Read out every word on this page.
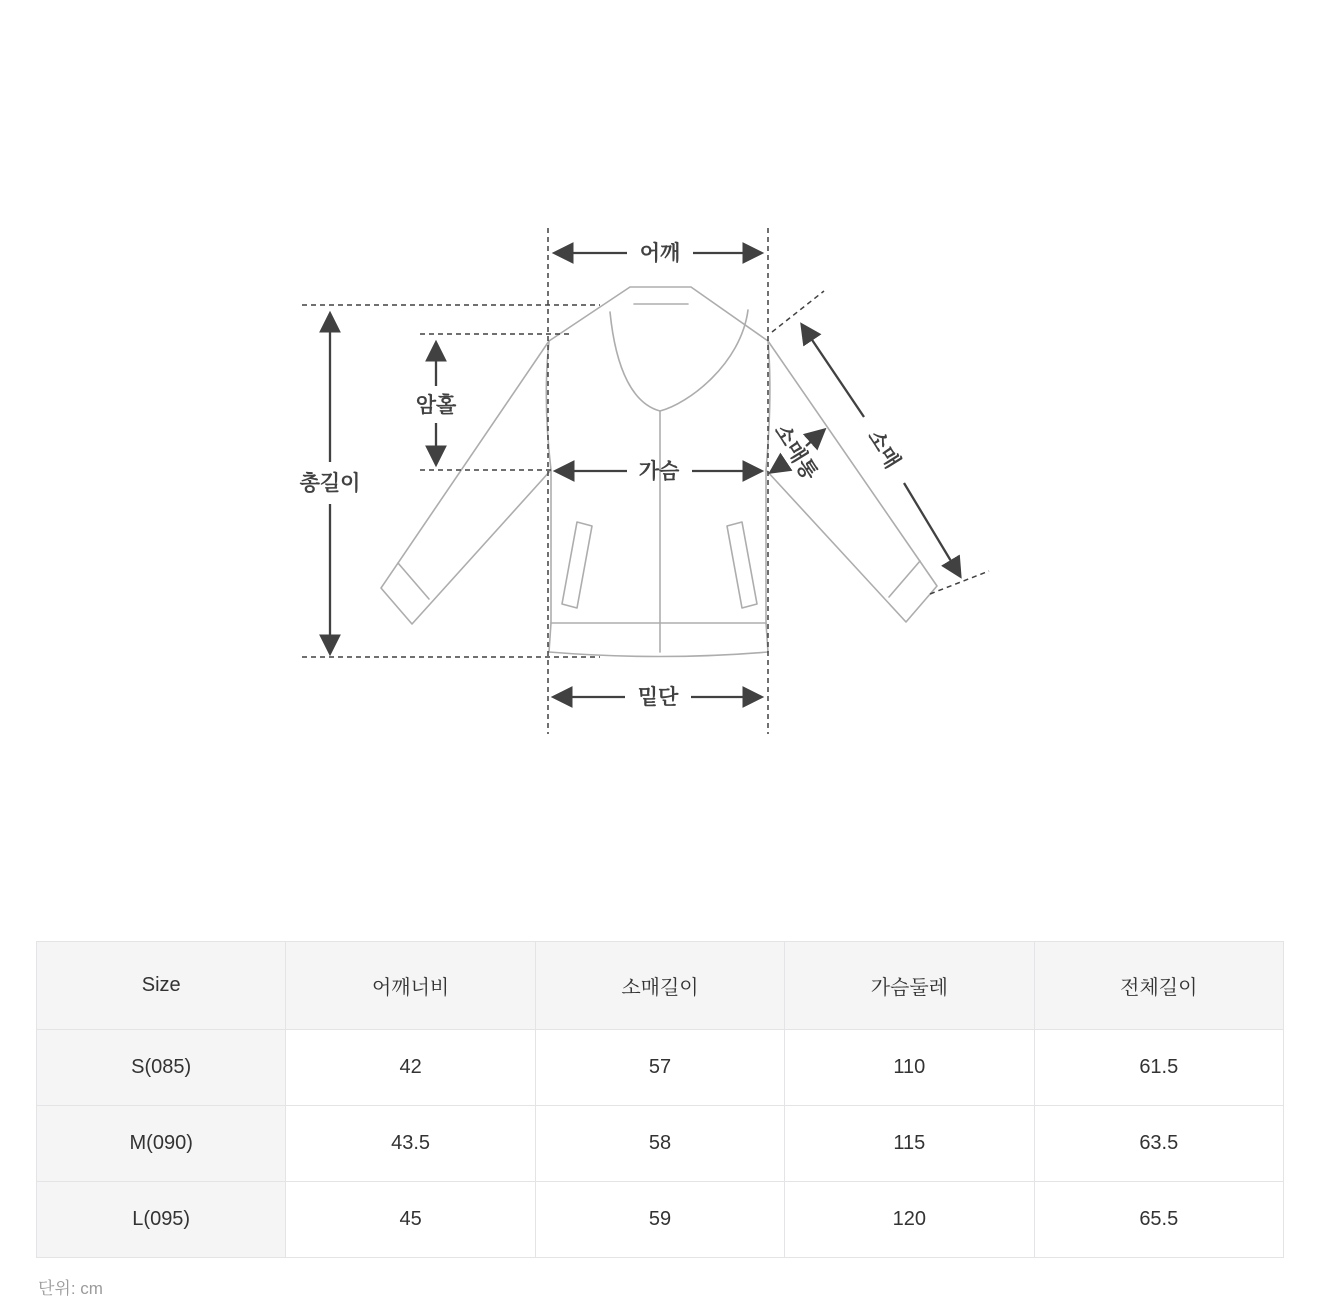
어깨
총길이
암홀
가슴	소매통 소매
밑단
Size	어깨너비	소매길이	가슴둘레	전체길이
S(085)	42	57	110	61.5
M(090)	43.5	58	115	63.5
L(095)	45	59	120	65.5
단위: cm
